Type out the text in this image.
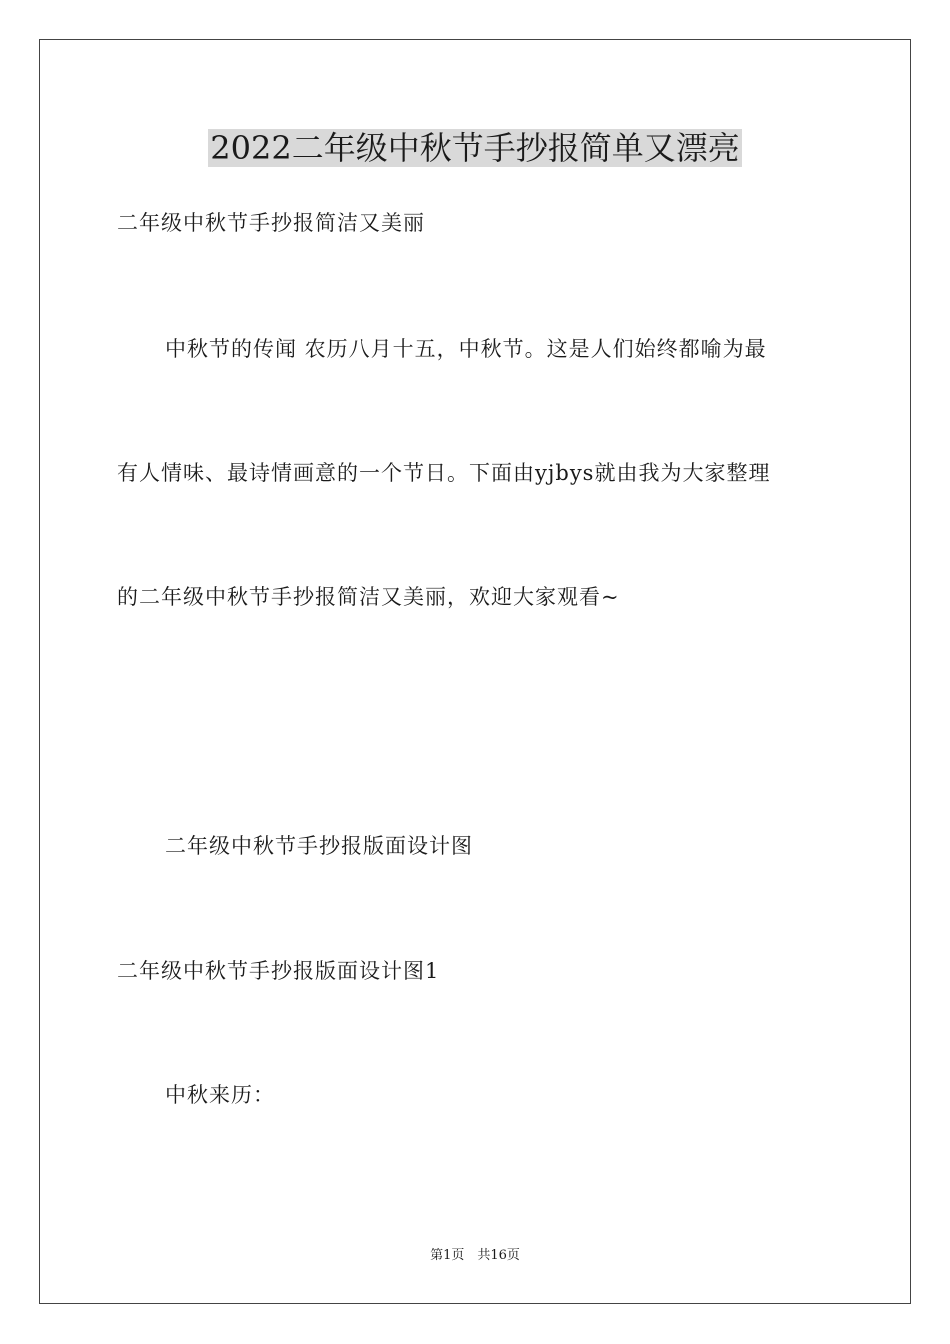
2022二年级中秋节手抄报简单又漂亮
二年级中秋节手抄报简洁又美丽
中秋节的传闻 农历八月十五，中秋节。这是人们始终都喻为最
有人情味、最诗情画意的一个节日。下面由yjbys就由我为大家整理
的二年级中秋节手抄报简洁又美丽，欢迎大家观看~
二年级中秋节手抄报版面设计图
二年级中秋节手抄报版面设计图1
中秋来历：
第1页　共16页
